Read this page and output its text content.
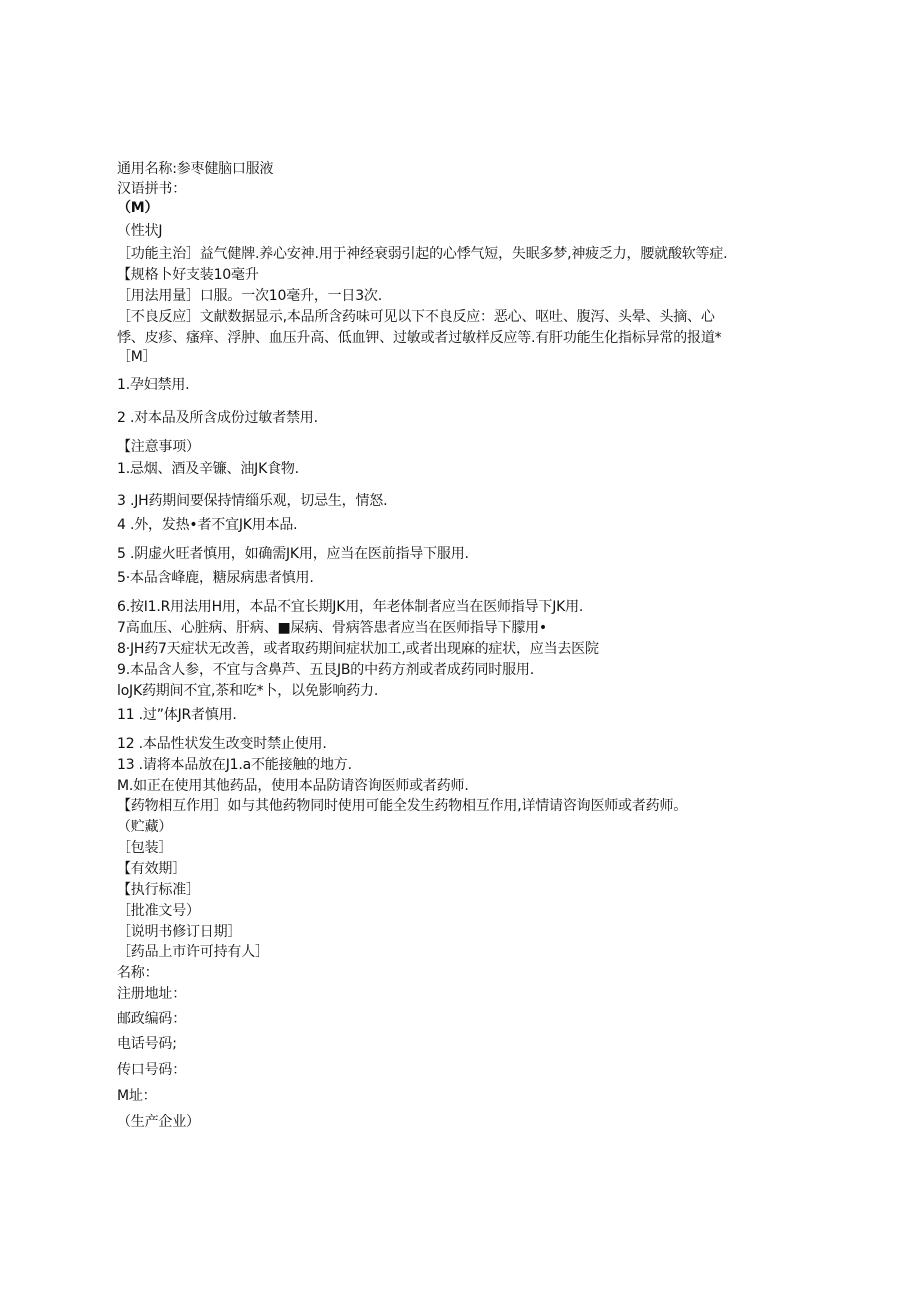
通用名称:参枣健脑口服液
汉语拼书：
（M）
（性状J
［功能主治］益气健牌.养心安神.用于神经衰弱引起的心悸气短，失眠多梦,神疲乏力，腰就酸软等症.
【规格卜好支装10毫升
［用法用量］口服。一次10毫升，一日3次.
［不良反应］文献数据显示,本品所含药味可见以下不良反应：恶心、呕吐、腹泻、头晕、头摘、心
悸、皮疹、瘙痒、浮肿、血压升高、低血钾、过敏或者过敏样反应等.有肝功能生化指标异常的报道*
［M］
1.孕妇禁用.
2 .对本品及所含成份过敏者禁用.
【注意事项）
1.忌烟、酒及辛镰、油JK食物.
3 .JH药期间要保持情缁乐观，切忌生，情怒.
4 .外，发热•者不宜JK用本品.
5 .阴虚火旺者慎用，如确需JK用，应当在医前指导下服用.
5·本品含峰鹿，糖尿病患者慎用.
6.按I1.R用法用H用，本品不宜长期JK用，年老体制者应当在医师指导下JK用.
7高血压、心脏病、肝病、■屎病、骨病答患者应当在医师指导下朦用•
8·JH药7天症状无改善，或者取药期间症状加工,或者出现麻的症状，应当去医院
9.本品含人参，不宜与含鼻芦、五艮JB的中药方剂或者成药同时服用.
loJK药期间不宜,茶和吃*卜，以免影响药力.
11 .过”体JR者慎用.
12 .本品性状发生改变时禁止使用.
13 .请将本品放在J1.a不能接触的地方.
M.如正在使用其他药品，使用本品防请咨询医师或者药师.
【药物相互作用］如与其他药物同时使用可能全发生药物相互作用,详情请咨询医师或者药师。
（贮藏）
［包装］
【有效期］
【执行标准］
［批准文号）
［说明书修订日期］
［药品上市许可持有人］
名称：
注册地址：
邮政编码：
电话号码;
传口号码：
M址：
（生产企业）
